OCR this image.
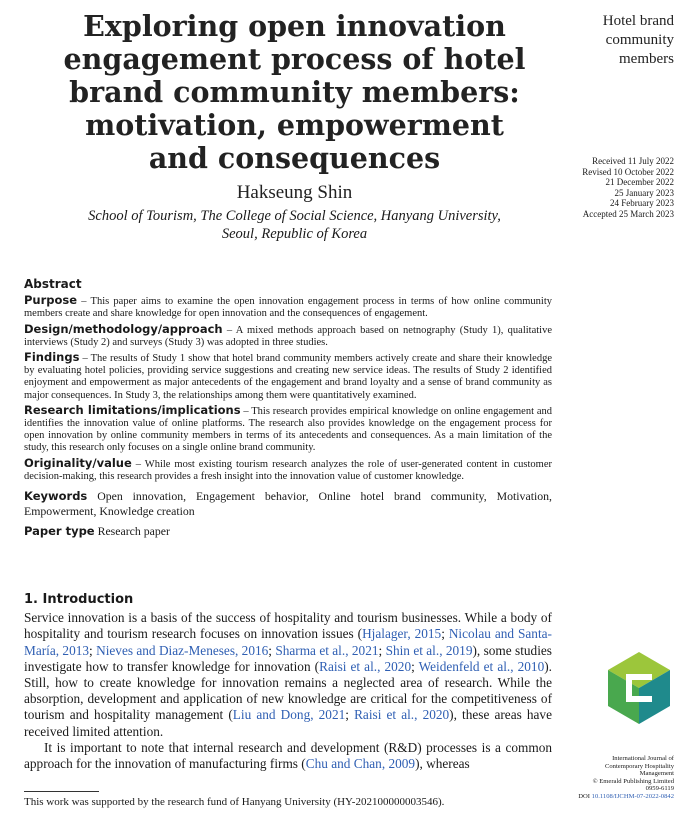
Exploring open innovation
engagement process of hotel
brand community members:
motivation, empowerment
and consequences
Hakseung Shin
School of Tourism, The College of Social Science, Hanyang University,
Seoul, Republic of Korea
Hotel brand
community
members
Received 11 July 2022
Revised 10 October 2022
21 December 2022
25 January 2023
24 February 2023
Accepted 25 March 2023
Abstract

Purpose – This paper aims to examine the open innovation engagement process in terms of how online community members create and share knowledge for open innovation and the consequences of engagement.

Design/methodology/approach – A mixed methods approach based on netnography (Study 1), qualitative interviews (Study 2) and surveys (Study 3) was adopted in three studies.

Findings – The results of Study 1 show that hotel brand community members actively create and share their knowledge by evaluating hotel policies, providing service suggestions and creating new service ideas. The results of Study 2 identified enjoyment and empowerment as major antecedents of the engagement and brand loyalty and a sense of brand community as major consequences. In Study 3, the relationships among them were quantitatively examined.

Research limitations/implications – This research provides empirical knowledge on online engagement and identifies the innovation value of online platforms. The research also provides knowledge on the engagement process for open innovation by online community members in terms of its antecedents and consequences. As a main limitation of the study, this research only focuses on a single online brand community.

Originality/value – While most existing tourism research analyzes the role of user-generated content in customer decision-making, this research provides a fresh insight into the innovation value of customer knowledge.

Keywords Open innovation, Engagement behavior, Online hotel brand community, Motivation, Empowerment, Knowledge creation

Paper type Research paper

1. Introduction

Service innovation is a basis of the success of hospitality and tourism businesses. While a body of hospitality and tourism research focuses on innovation issues (Hjalager, 2015; Nicolau and Santa-María, 2013; Nieves and Diaz-Meneses, 2016; Sharma et al., 2021; Shin et al., 2019), some studies investigate how to transfer knowledge for innovation (Raisi et al., 2020; Weidenfeld et al., 2010). Still, how to create knowledge for innovation remains a neglected area of research. While the absorption, development and application of new knowledge are critical for the competitiveness of tourism and hospitality management (Liu and Dong, 2021; Raisi et al., 2020), these areas have received limited attention.

It is important to note that internal research and development (R&D) processes is a common approach for the innovation of manufacturing firms (Chu and Chan, 2009), whereas

This work was supported by the research fund of Hanyang University (HY-202100000003546).
International Journal of
Contemporary Hospitality
Management
© Emerald Publishing Limited
0959-6119
DOI 10.1108/IJCHM-07-2022-0842
